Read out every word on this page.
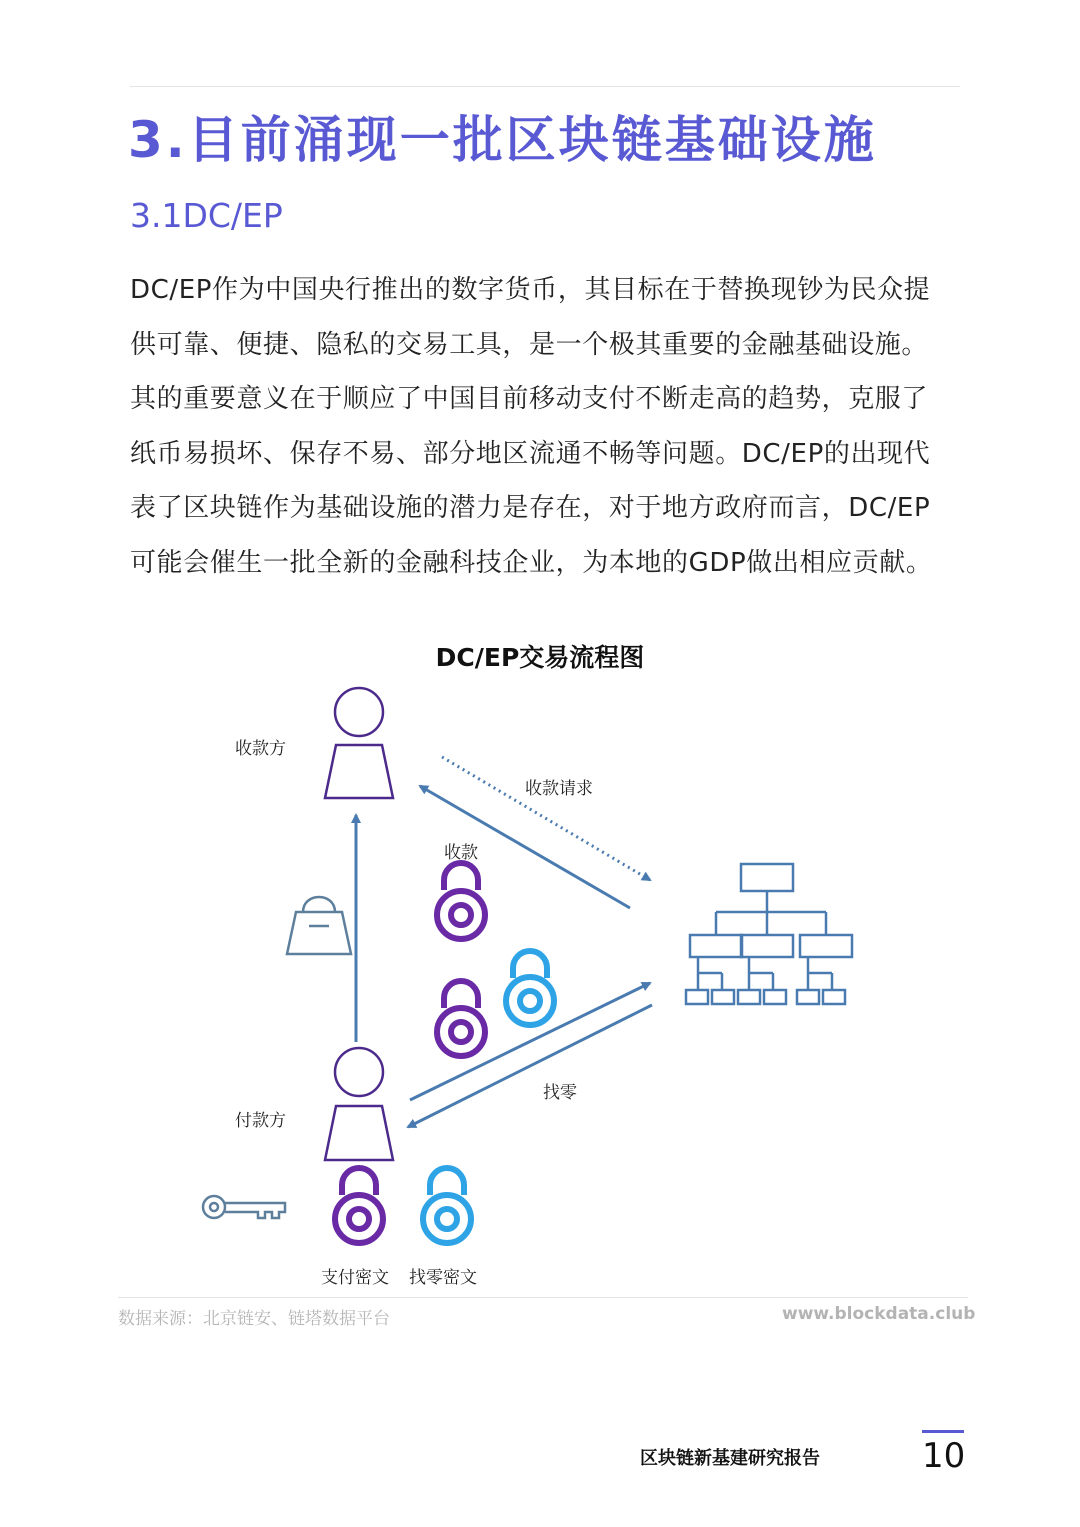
3.目前涌现一批区块链基础设施
3.1DC/EP

DC/EP作为中国央行推出的数字货币，其目标在于替换现钞为民众提
供可靠、便捷、隐私的交易工具，是一个极其重要的金融基础设施。
其的重要意义在于顺应了中国目前移动支付不断走高的趋势，克服了
纸币易损坏、保存不易、部分地区流通不畅等问题。DC/EP的出现代
表了区块链作为基础设施的潜力是存在，对于地方政府而言，DC/EP
可能会催生一批全新的金融科技企业，为本地的GDP做出相应贡献。

DC/EP交易流程图
收款方
付款方
收款请求
收款
找零
支付密文 找零密文
数据来源：北京链安、链塔数据平台	www.blockdata.club
区块链新基建研究报告	10
